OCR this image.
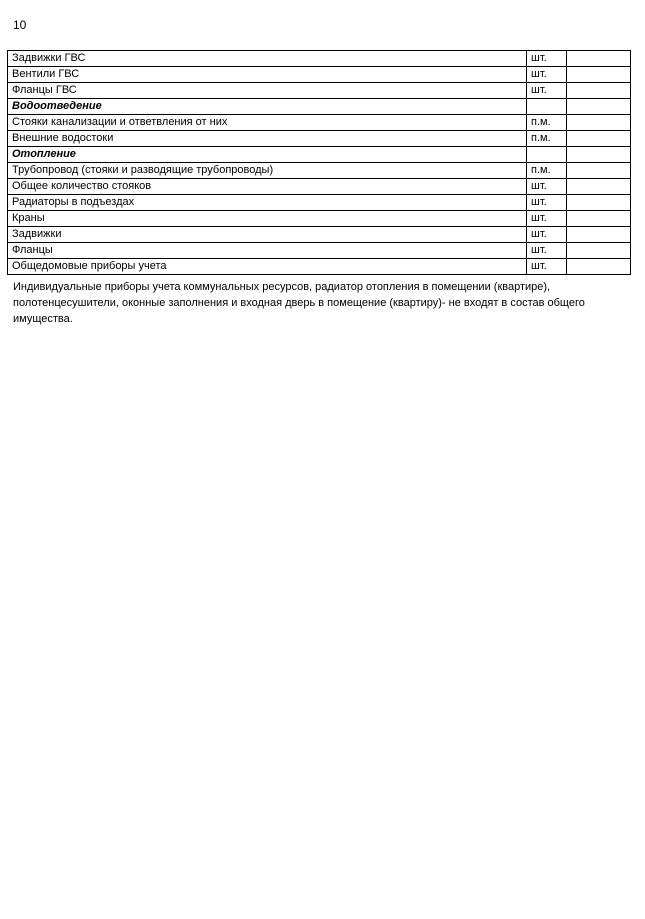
10
Задвижки ГВС	шт.	
Вентили ГВС	шт.	
Фланцы ГВС	шт.	
Водоотведение		
Стояки канализации и ответвления от них	п.м.	
Внешние водостоки	п.м.	
Отопление		
Трубопровод (стояки и разводящие трубопроводы)	п.м.	
Общее количество стояков	шт.	
Радиаторы в подъездах	шт.	
Краны	шт.	
Задвижки	шт.	
Фланцы	шт.	
Общедомовые приборы учета	шт.	
Индивидуальные приборы учета коммунальных ресурсов, радиатор отопления в помещении (квартире), полотенцесушители, оконные заполнения и входная дверь в помещение (квартиру)- не входят в состав общего имущества.
